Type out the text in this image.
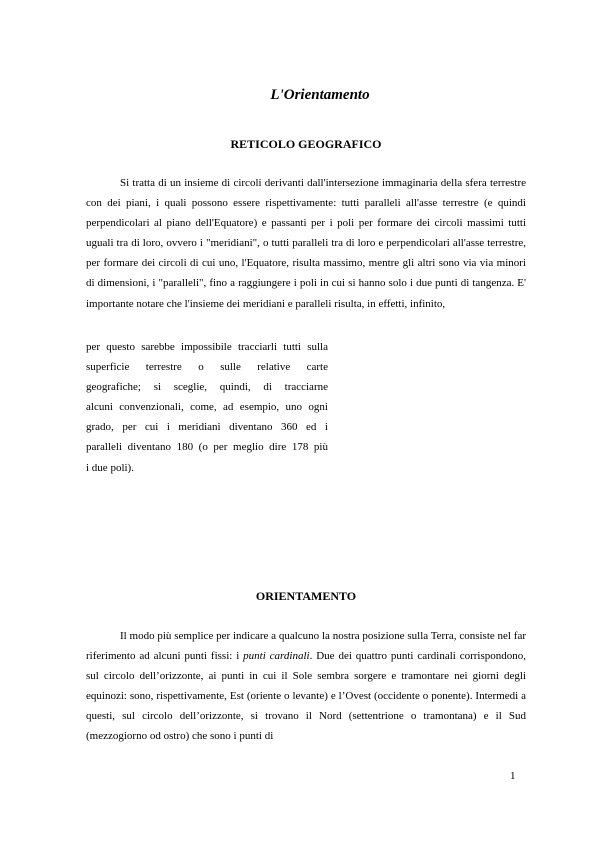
L'Orientamento
RETICOLO GEOGRAFICO
Si tratta di un insieme di circoli derivanti dall'intersezione immaginaria della sfera terrestre con dei piani, i quali possono essere rispettivamente: tutti paralleli all'asse terrestre (e quindi perpendicolari al piano dell'Equatore) e passanti per i poli per formare dei circoli massimi tutti uguali tra di loro, ovvero i "meridiani", o tutti paralleli tra di loro e perpendicolari all'asse terrestre, per formare dei circoli di cui uno, l'Equatore, risulta massimo, mentre gli altri sono via via minori di dimensioni, i "paralleli", fino a raggiungere i poli in cui si hanno solo i due punti di tangenza. E' importante notare che l'insieme dei meridiani e paralleli risulta, in effetti, infinito,
per questo sarebbe impossibile tracciarli tutti sulla
superficie terrestre o sulle relative carte
geografiche; si sceglie, quindi, di tracciarne
alcuni convenzionali, come, ad esempio, uno ogni
grado, per cui i meridiani diventano 360 ed i
paralleli diventano 180 (o per meglio dire 178 più
i due poli).
ORIENTAMENTO
Il modo più semplice per indicare a qualcuno la nostra posizione sulla Terra, consiste nel far riferimento ad alcuni punti fissi: i punti cardinali. Due dei quattro punti cardinali corrispondono, sul circolo dell’orizzonte, ai punti in cui il Sole sembra sorgere e tramontare nei giorni degli equinozi: sono, rispettivamente, Est (oriente o levante) e l’Ovest (occidente o ponente). Intermedi a questi, sul circolo dell’orizzonte, si trovano il Nord (settentrione o tramontana) e il Sud (mezzogiorno od ostro) che sono i punti di
1
